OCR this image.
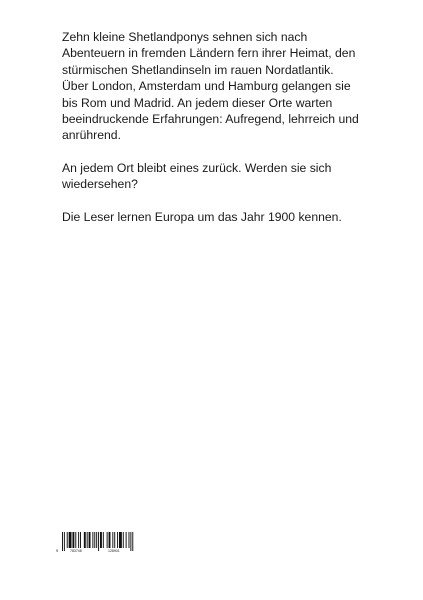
Zehn kleine Shetlandponys sehnen sich nach Abenteuern in fremden Ländern fern ihrer Heimat, den stürmischen Shetlandinseln im rauen Nordatlantik. Über London, Amsterdam und Hamburg gelangen sie bis Rom und Madrid. An jedem dieser Orte warten beeindruckende Erfahrungen: Aufregend, lehrreich und anrührend.

An jedem Ort bleibt eines zurück. Werden sie sich wiedersehen?

Die Leser lernen Europa um das Jahr 1900 kennen.

9	783748	128901
